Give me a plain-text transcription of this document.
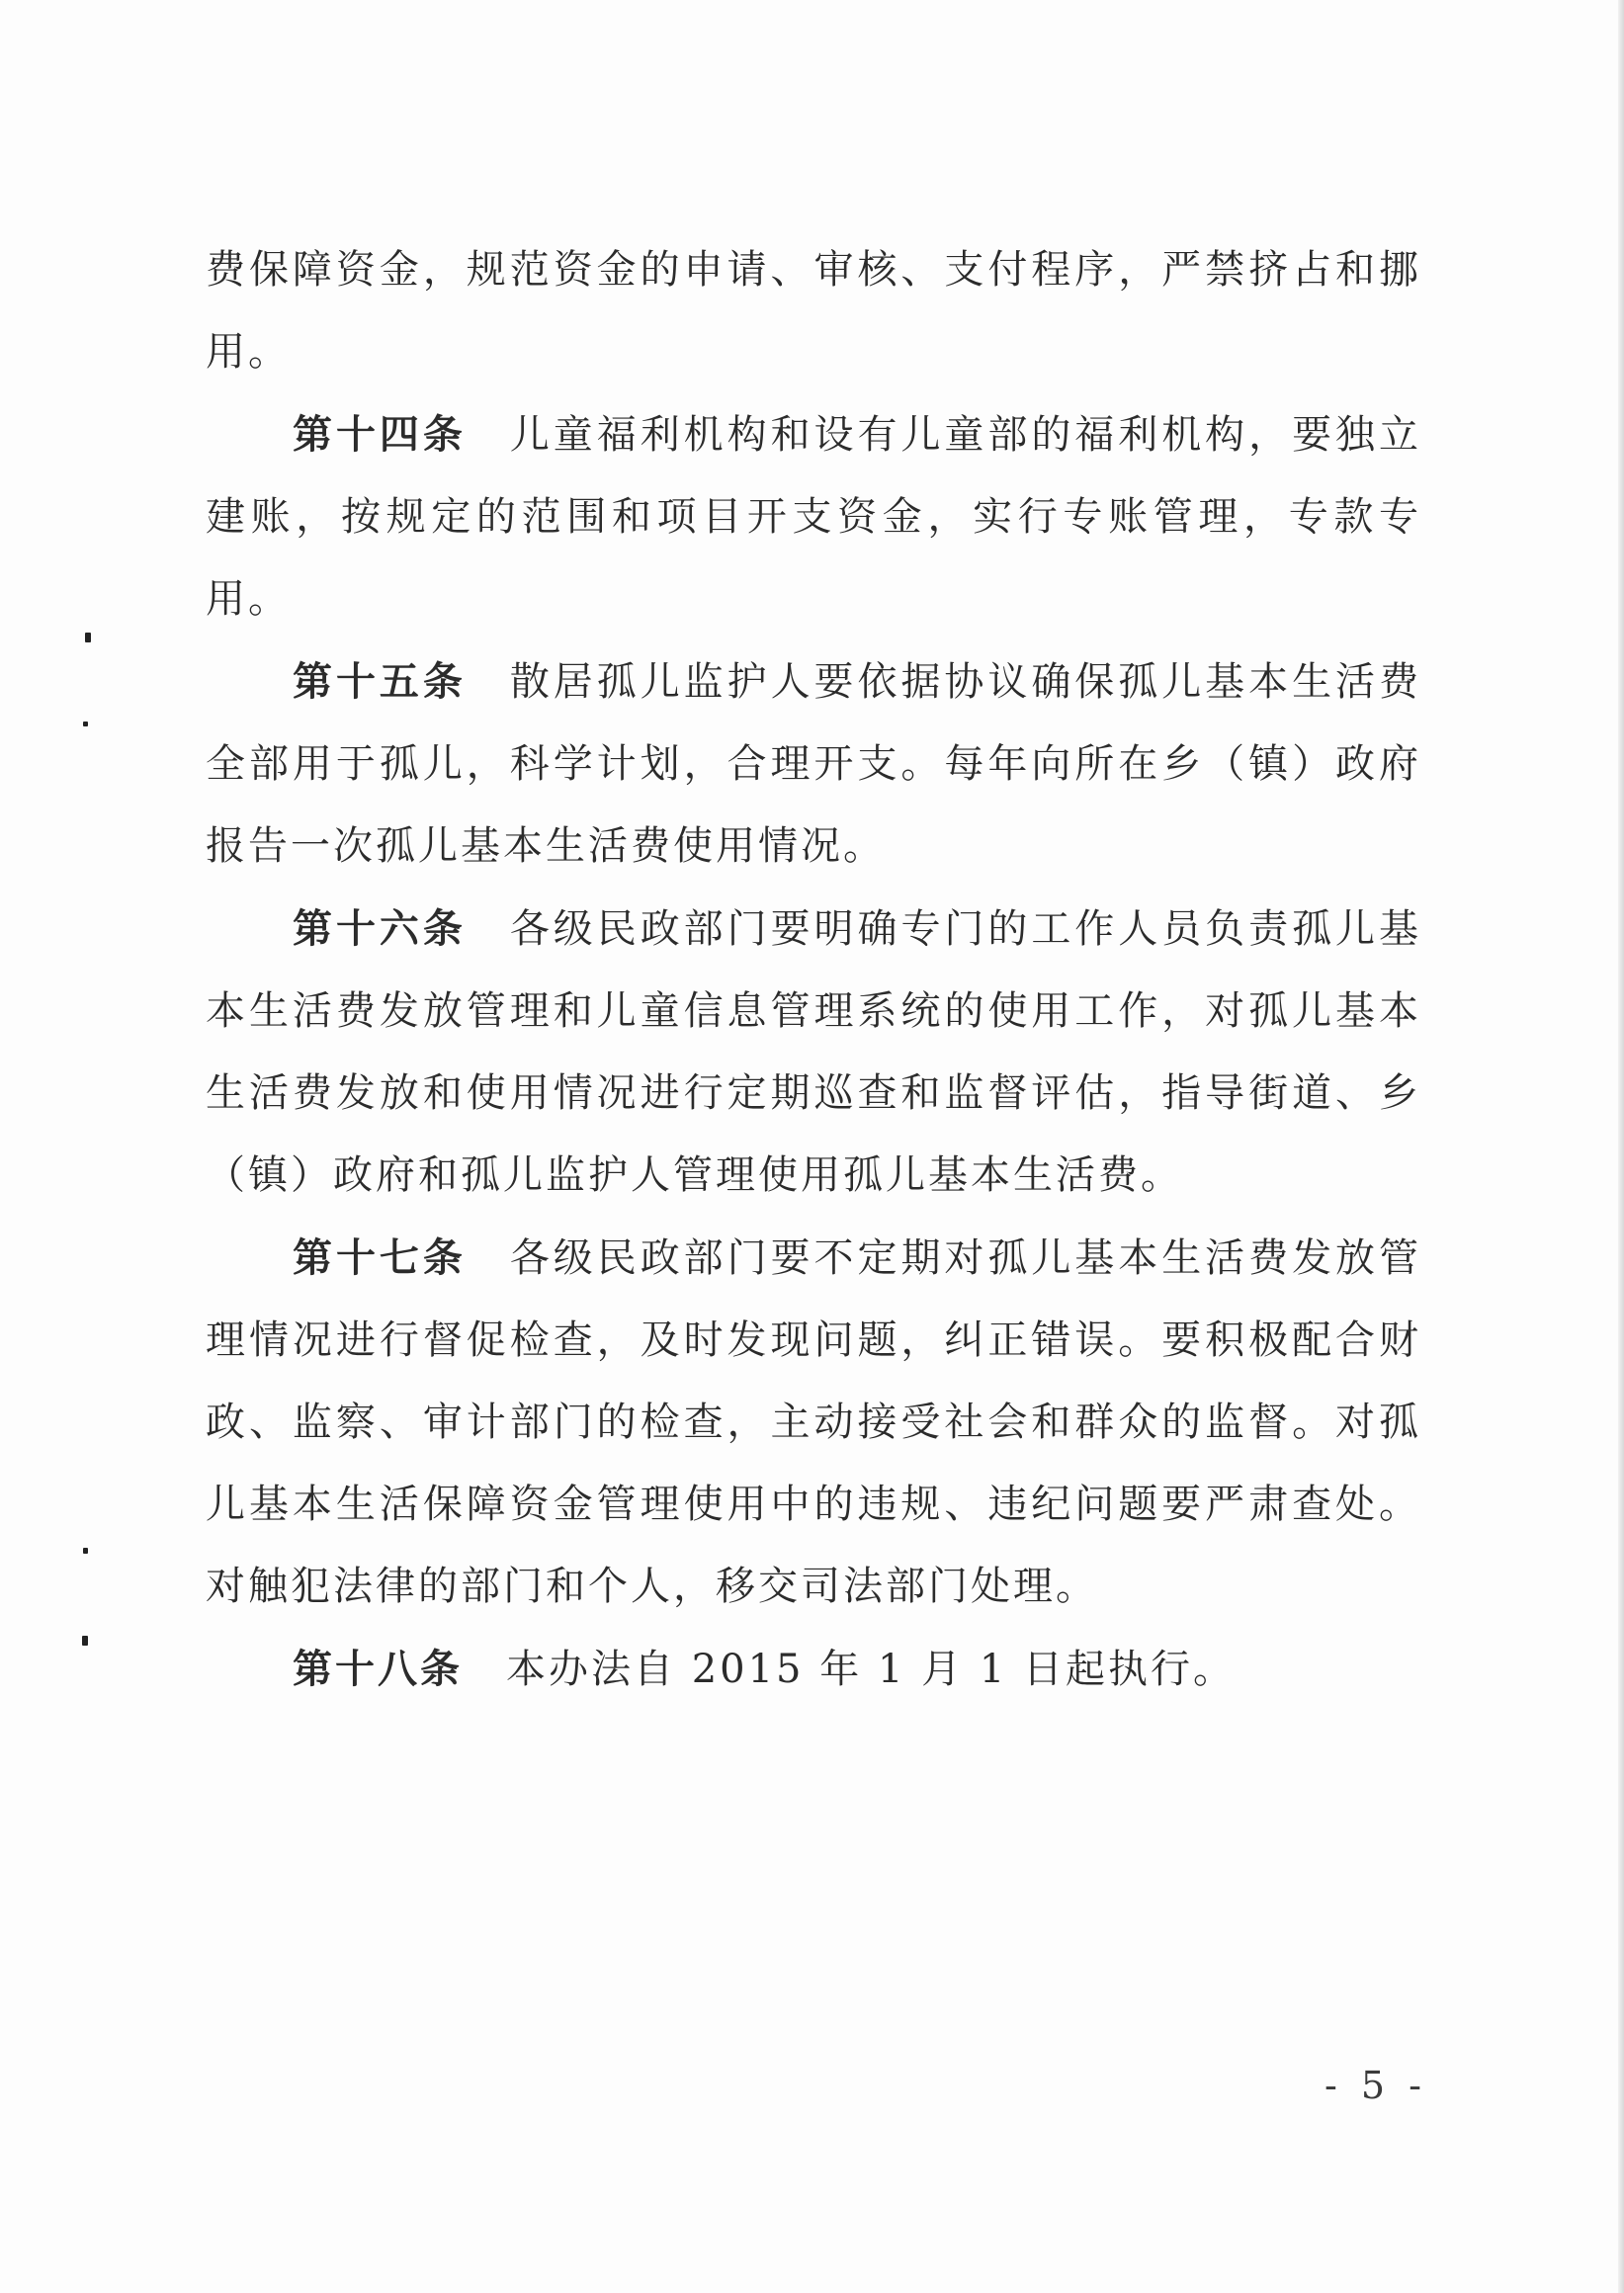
费保障资金，规范资金的申请、审核、支付程序，严禁挤占和挪用。

第十四条 儿童福利机构和设有儿童部的福利机构，要独立建账，按规定的范围和项目开支资金，实行专账管理，专款专用。

第十五条 散居孤儿监护人要依据协议确保孤儿基本生活费全部用于孤儿，科学计划，合理开支。每年向所在乡（镇）政府报告一次孤儿基本生活费使用情况。

第十六条 各级民政部门要明确专门的工作人员负责孤儿基本生活费发放管理和儿童信息管理系统的使用工作，对孤儿基本生活费发放和使用情况进行定期巡查和监督评估，指导街道、乡（镇）政府和孤儿监护人管理使用孤儿基本生活费。

第十七条 各级民政部门要不定期对孤儿基本生活费发放管理情况进行督促检查，及时发现问题，纠正错误。要积极配合财政、监察、审计部门的检查，主动接受社会和群众的监督。对孤儿基本生活保障资金管理使用中的违规、违纪问题要严肃查处。对触犯法律的部门和个人，移交司法部门处理。

第十八条 本办法自 2015 年 1 月 1 日起执行。

- 5 -
